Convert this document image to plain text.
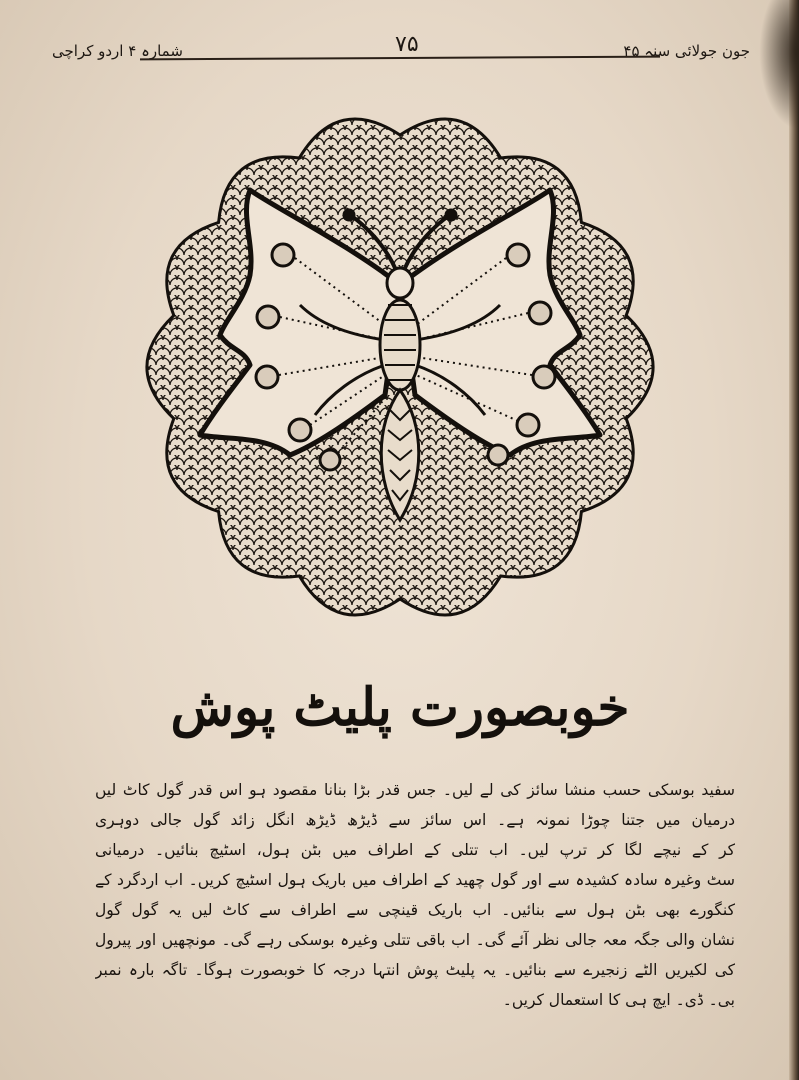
جون جولائی سنہ ۴۵
۷۵
شمارہ ۴ اردو کراچی
خوبصورت پلیٹ پوش
سفید بوسکی حسب منشا سائز کی لے لیں۔ جس قدر بڑا بنانا مقصود ہو اس قدر گول کاٹ لیں
درمیان میں جتنا چوڑا نمونہ ہے۔ اس سائز سے ڈیڑھ ڈیڑھ انگل زائد گول جالی دوہری
کر کے نیچے لگا کر ترپ لیں۔ اب تتلی کے اطراف میں بٹن ہول، اسٹیچ بنائیں۔ درمیانی
سٹ وغیرہ سادہ کشیدہ سے اور گول چھید کے اطراف میں باریک ہول اسٹیچ کریں۔ اب اردگرد کے
کنگورے بھی بٹن ہول سے بنائیں۔ اب باریک قینچی سے اطراف سے کاٹ لیں یہ گول گول
نشان والی جگہ معہ جالی نظر آئے گی۔ اب باقی تتلی وغیرہ بوسکی رہے گی۔ مونچھیں اور پیرول
کی لکیریں الٹے زنجیرے سے بنائیں۔ یہ پلیٹ پوش انتہا درجہ کا خوبصورت ہوگا۔ تاگہ بارہ نمبر
بی۔ ڈی۔ ایچ ہی کا استعمال کریں۔
